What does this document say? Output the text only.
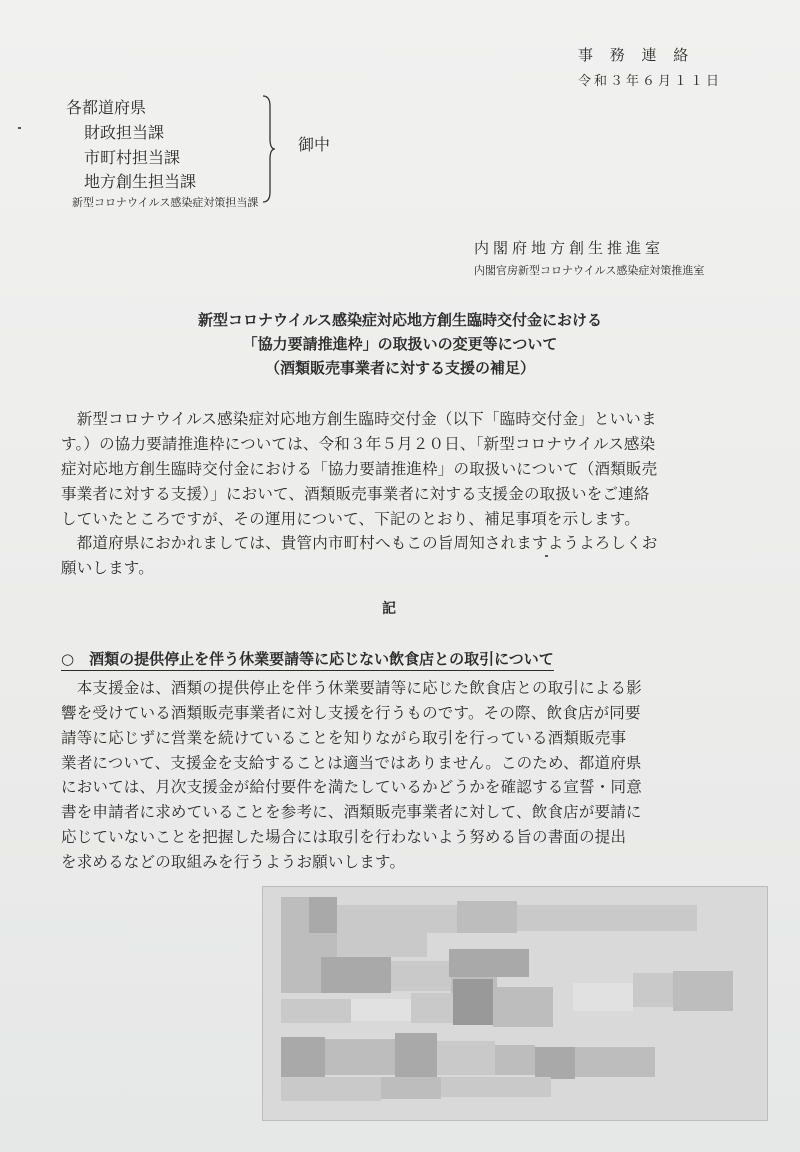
事 務 連 絡
令和３年６月１１日
各都道府県
財政担当課
市町村担当課
地方創生担当課
新型コロナウイルス感染症対策担当課
御中
内閣府地方創生推進室
内閣官房新型コロナウイルス感染症対策推進室
新型コロナウイルス感染症対応地方創生臨時交付金における
「協力要請推進枠」の取扱いの変更等について
（酒類販売事業者に対する支援の補足）
　新型コロナウイルス感染症対応地方創生臨時交付金（以下「臨時交付金」といいま
す。）の協力要請推進枠については、令和３年５月２０日、「新型コロナウイルス感染
症対応地方創生臨時交付金における「協力要請推進枠」の取扱いについて（酒類販売
事業者に対する支援）」において、酒類販売事業者に対する支援金の取扱いをご連絡
していたところですが、その運用について、下記のとおり、補足事項を示します。
　都道府県におかれましては、貴管内市町村へもこの旨周知されますようよろしくお
願いします。
記
○　酒類の提供停止を伴う休業要請等に応じない飲食店との取引について
　本支援金は、酒類の提供停止を伴う休業要請等に応じた飲食店との取引による影
響を受けている酒類販売事業者に対し支援を行うものです。その際、飲食店が同要
請等に応じずに営業を続けていることを知りながら取引を行っている酒類販売事
業者について、支援金を支給することは適当ではありません。このため、都道府県
においては、月次支援金が給付要件を満たしているかどうかを確認する宣誓・同意
書を申請者に求めていることを参考に、酒類販売事業者に対して、飲食店が要請に
応じていないことを把握した場合には取引を行わないよう努める旨の書面の提出
を求めるなどの取組みを行うようお願いします。
